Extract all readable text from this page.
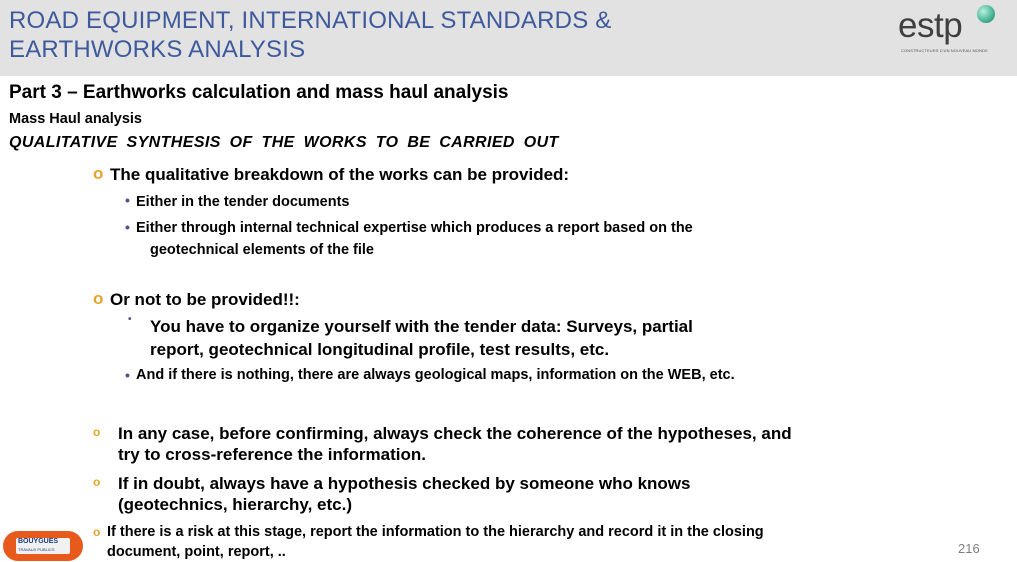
ROAD EQUIPMENT, INTERNATIONAL STANDARDS &
EARTHWORKS ANALYSIS
estp
CONSTRUCTEURS D'UN NOUVEAU MONDE
Part 3 – Earthworks calculation and mass haul analysis
Mass Haul analysis
QUALITATIVE SYNTHESIS OF THE WORKS TO BE CARRIED OUT
o The qualitative breakdown of the works can be provided:
• Either in the tender documents
• Either through internal technical expertise which produces a report based on the
geotechnical elements of the file
o Or not to be provided!!:
• You have to organize yourself with the tender data: Surveys, partial
report, geotechnical longitudinal profile, test results, etc.
• And if there is nothing, there are always geological maps, information on the WEB, etc.
o In any case, before confirming, always check the coherence of the hypotheses, and
try to cross-reference the information.
o If in doubt, always have a hypothesis checked by someone who knows
(geotechnics, hierarchy, etc.)
o If there is a risk at this stage, report the information to the hierarchy and record it in the closing
document, point, report, ..
BOUYGUES
TRAVAUX PUBLICS	216
